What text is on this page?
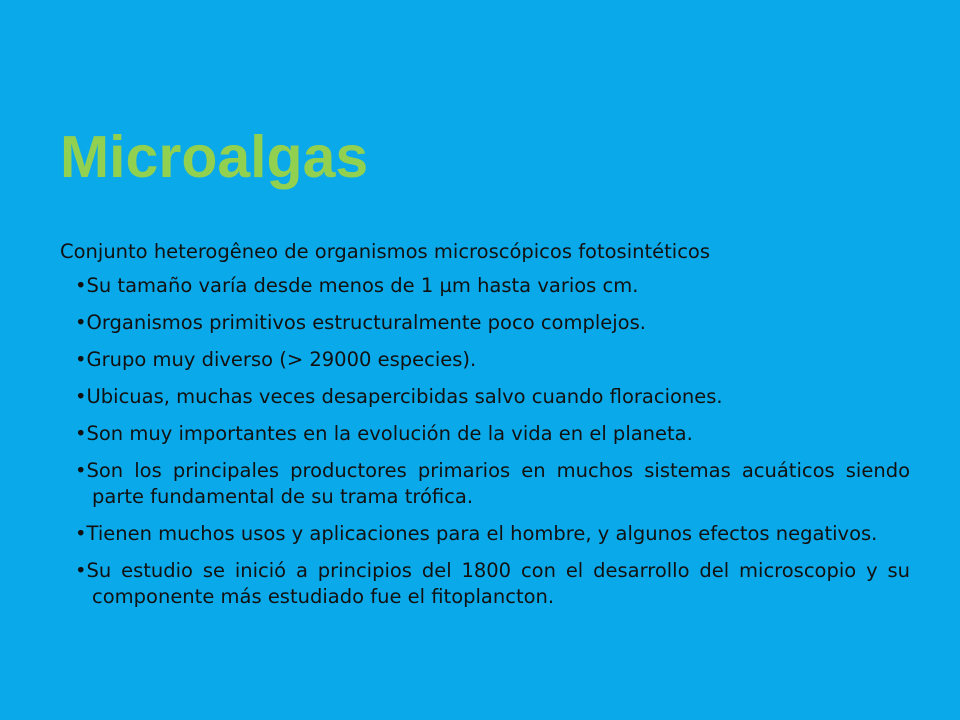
Microalgas
Conjunto heterogêneo de organismos microscópicos fotosintéticos
•Su tamaño varía desde menos de 1 µm hasta varios cm.
•Organismos primitivos estructuralmente poco complejos.
•Grupo muy diverso (> 29000 especies).
•Ubicuas, muchas veces desapercibidas salvo cuando floraciones.
•Son muy importantes en la evolución de la vida en el planeta.
•Son los principales productores primarios en muchos sistemas acuáticos siendo parte fundamental de su trama trófica.
•Tienen muchos usos y aplicaciones para el hombre, y algunos efectos negativos.
•Su estudio se inició a principios del 1800 con el desarrollo del microscopio y su componente más estudiado fue el fitoplancton.
